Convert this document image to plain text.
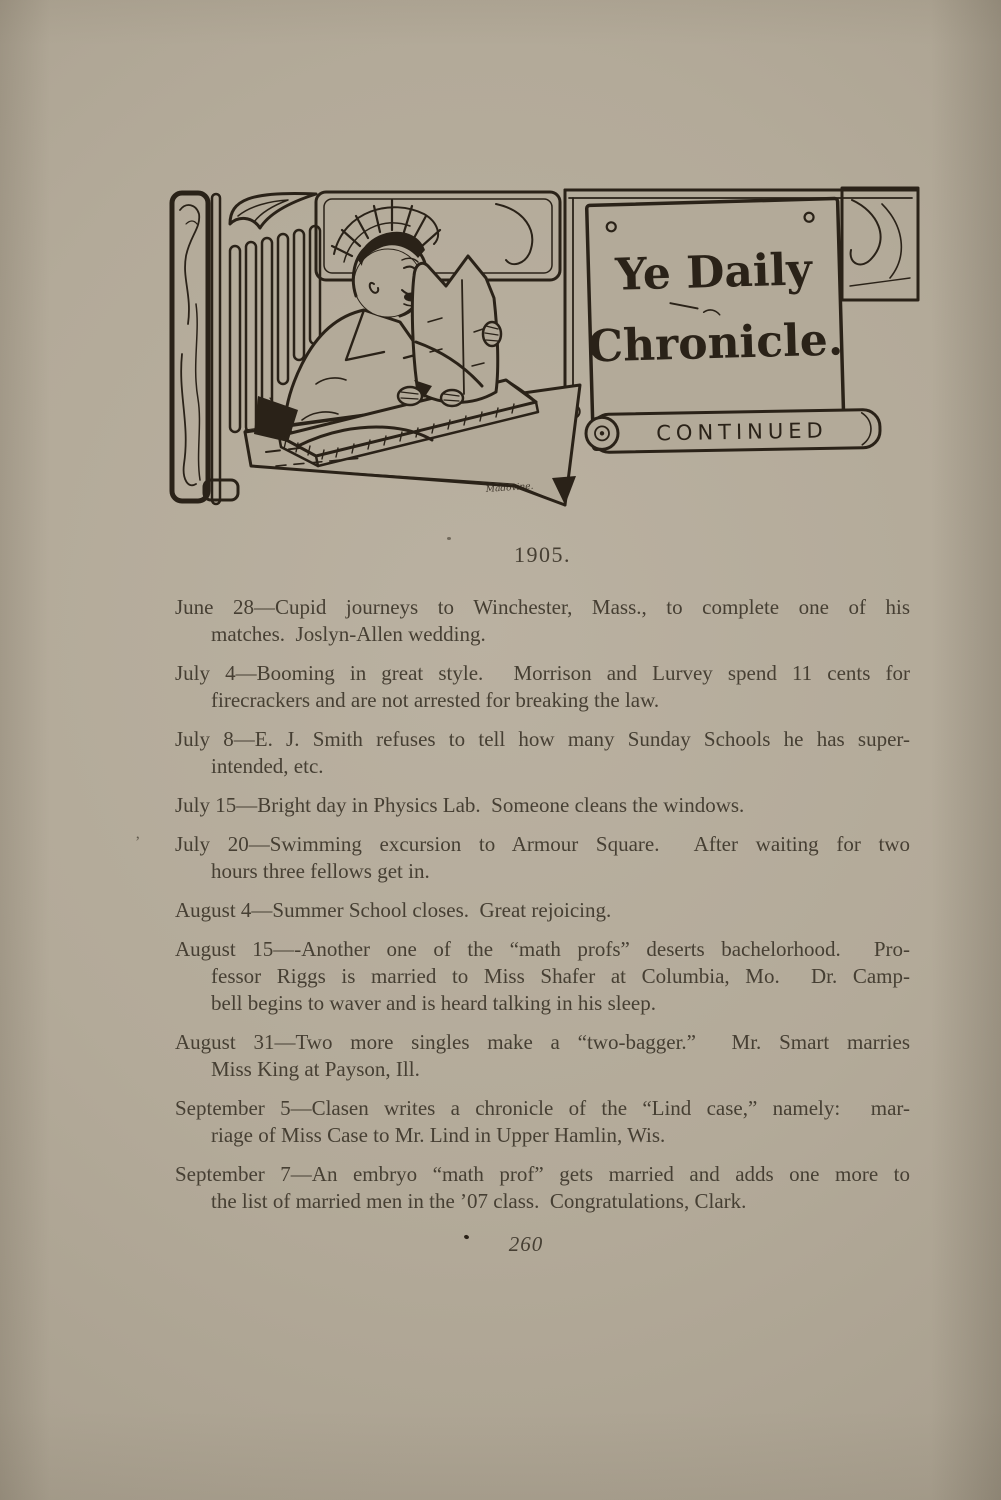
Ye Daily
Chronicle.
CONTINUED
Madovine.
1905.
June 28—Cupid journeys to Winchester, Mass., to complete one of his
matches.  Joslyn-Allen wedding.
July 4—Booming in great style.  Morrison and Lurvey spend 11 cents for
firecrackers and are not arrested for breaking the law.
July 8—E. J. Smith refuses to tell how many Sunday Schools he has super-
intended, etc.
July 15—Bright day in Physics Lab.  Someone cleans the windows.
’ July 20—Swimming excursion to Armour Square.  After waiting for two
hours three fellows get in.
August 4—Summer School closes.  Great rejoicing.
August 15—-Another one of the “math profs” deserts bachelorhood.  Pro-
fessor Riggs is married to Miss Shafer at Columbia, Mo.  Dr. Camp-
bell begins to waver and is heard talking in his sleep.
August 31—Two more singles make a “two-bagger.”  Mr. Smart marries
Miss King at Payson, Ill.
September 5—Clasen writes a chronicle of the “Lind case,” namely:  mar-
riage of Miss Case to Mr. Lind in Upper Hamlin, Wis.
September 7—An embryo “math prof” gets married and adds one more to
the list of married men in the ’07 class.  Congratulations, Clark.
260
